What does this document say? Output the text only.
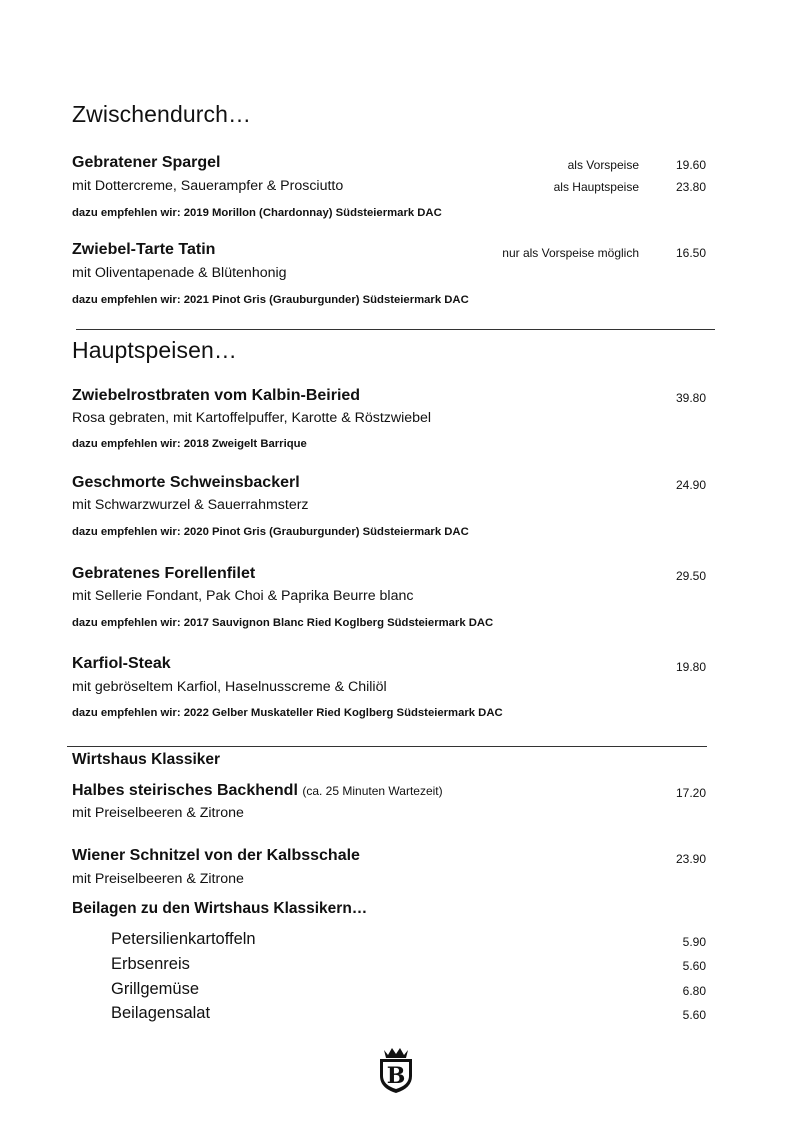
Zwischendurch…
Gebratener Spargel	als Vorspeise	19.60
mit Dottercreme, Sauerampfer & Prosciutto	als Hauptspeise	23.80
dazu empfehlen wir: 2019 Morillon (Chardonnay) Südsteiermark DAC
Zwiebel-Tarte Tatin	nur als Vorspeise möglich	16.50
mit Oliventapenade & Blütenhonig
dazu empfehlen wir: 2021 Pinot Gris (Grauburgunder) Südsteiermark DAC
Hauptspeisen…
Zwiebelrostbraten vom Kalbin-Beiried	39.80
Rosa gebraten, mit Kartoffelpuffer, Karotte & Röstzwiebel
dazu empfehlen wir: 2018 Zweigelt Barrique
Geschmorte Schweinsbackerl	24.90
mit Schwarzwurzel & Sauerrahmsterz
dazu empfehlen wir: 2020 Pinot Gris (Grauburgunder) Südsteiermark DAC
Gebratenes Forellenfilet	29.50
mit Sellerie Fondant, Pak Choi & Paprika Beurre blanc
dazu empfehlen wir: 2017 Sauvignon Blanc Ried Koglberg Südsteiermark DAC
Karfiol-Steak	19.80
mit gebröseltem Karfiol, Haselnusscreme & Chiliöl
dazu empfehlen wir: 2022 Gelber Muskateller Ried Koglberg Südsteiermark DAC
Wirtshaus Klassiker
Halbes steirisches Backhendl (ca. 25 Minuten Wartezeit)	17.20
mit Preiselbeeren & Zitrone
Wiener Schnitzel von der Kalbsschale	23.90
mit Preiselbeeren & Zitrone
Beilagen zu den Wirtshaus Klassikern…
Petersilienkartoffeln	5.90
Erbsenreis	5.60
Grillgemüse	6.80
Beilagensalat	5.60
B
